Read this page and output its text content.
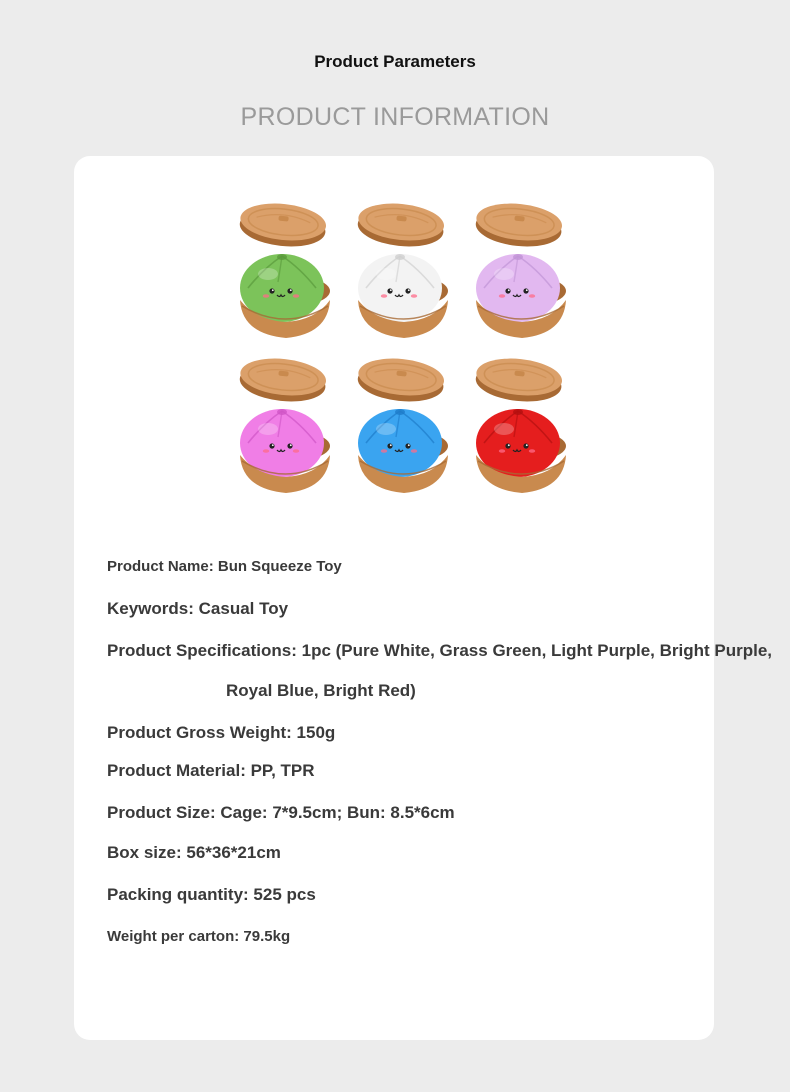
Product Parameters
PRODUCT INFORMATION
Product Name: Bun Squeeze Toy
Keywords: Casual Toy
Product Specifications: 1pc (Pure White, Grass Green, Light Purple, Bright Purple,
Royal Blue, Bright Red)
Product Gross Weight: 150g
Product Material: PP, TPR
Product Size: Cage: 7*9.5cm; Bun: 8.5*6cm
Box size: 56*36*21cm
Packing quantity: 525 pcs
Weight per carton: 79.5kg
